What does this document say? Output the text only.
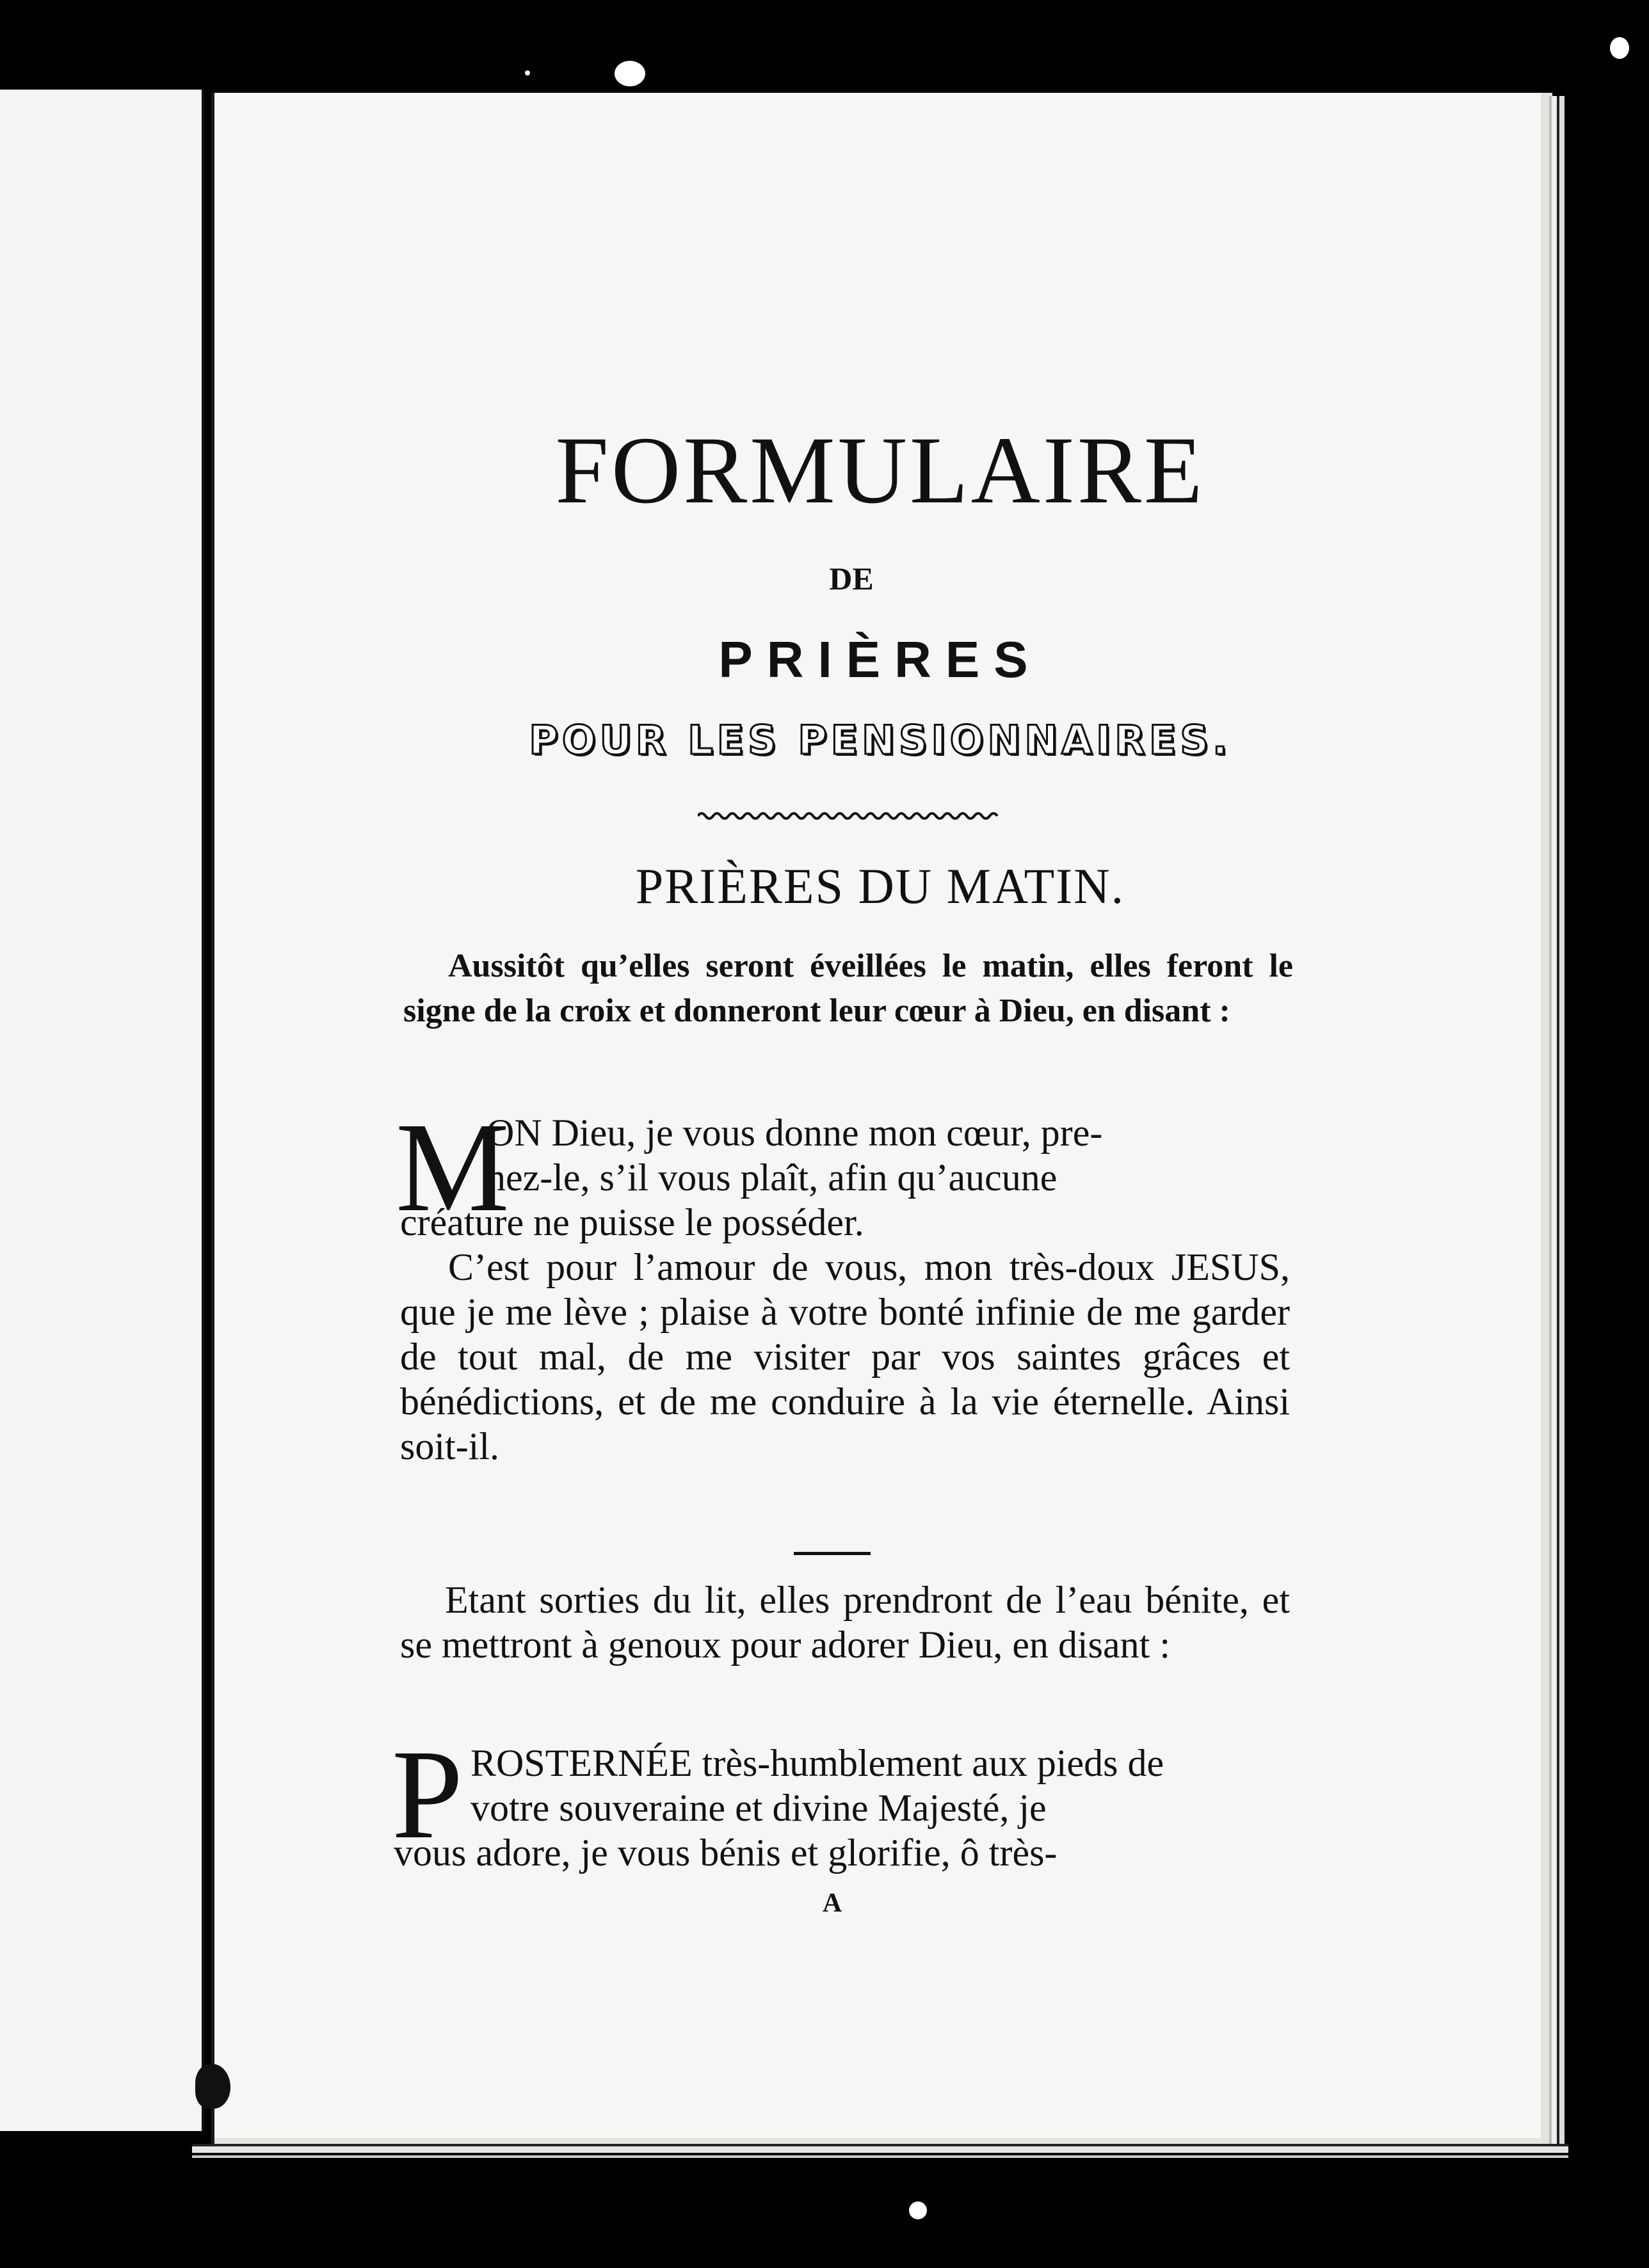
FORMULAIRE
DE
PRIÈRES
POUR LES PENSIONNAIRES.
PRIÈRES DU MATIN.
Aussitôt qu’elles seront éveillées le matin, elles feront le signe de la croix et donneront leur cœur à Dieu, en disant :
M
ON Dieu, je vous donne mon cœur, pre-
nez-le, s’il vous plaît, afin qu’aucune
créature ne puisse le posséder.
C’est pour l’amour de vous, mon très-doux JESUS, que je me lève ; plaise à votre bonté infinie de me garder de tout mal, de me visiter par vos saintes grâces et bénédictions, et de me conduire à la vie éternelle. Ainsi soit-il.
Etant sorties du lit, elles prendront de l’eau bénite, et se mettront à genoux pour adorer Dieu, en disant :
P ROSTERNÉE très-humblement aux pieds de
votre souveraine et divine Majesté, je
vous adore, je vous bénis et glorifie, ô très-
A
